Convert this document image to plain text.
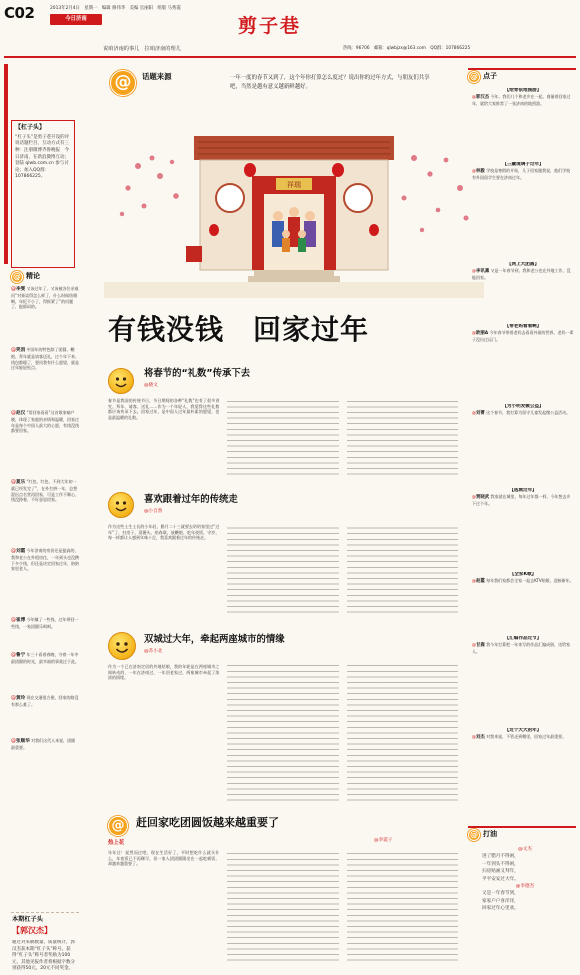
C02	2013年2月4日　星期一　编辑 修伟华　美编 官丽阳　组版 马秀霞
今日济南	剪子巷
热线：96706　邮箱：qlwbjzx@163.com　QQ群：107866225
说咱济南的事儿　拉咱济南的理儿
【杠子头】
“杠子头”是剪子巷开设的评说话题栏目，互动方式有三种：注册微博齐鲁晚报　今日济南，在新浪微博互动；登陆 qlwb.com.cn 参与讨论；加入QQ群：107866225。
@ 精论
@李雯 又该过年了，又该被各位亲戚问“对象谈得怎么样了，什么时候结婚啊，年纪不小了，得抓紧了”的问题了，挺郁闷的。
@笑涓 中国年的特色除了团圆、鞭炮、拜年就是请客送礼，过个年下来，钱包都瘪了，要问我有什么愿望，就是过年能轻松点。
@赵汉 “常回家看看”这首歌家喻户晓，体现了家庭的亲情和温暖，回家过年是每个中国人最大的心愿，有钱没钱都要回家。
@夏乐 “红包，红包，不到大年初一就已经发完了”，在外打拼一年，总想混出点名堂再回家，可是工作不顺心，钱没挣着，不好意思回家。
@刘霞 今年济南的房价还是挺高的，我和老公在外租房住，一年到头也没攒下多少钱，但还是决定回家过年，陪陪家里老人。
@崔博 今年赚了一些钱，过年带回一些钱，一家团圆乐呵呵。
@鲁宁 年三十看着春晚，守着一年中最团圆的时光，最幸福的事莫过于此。
@黄玲 现在交通很方便，回家的路没有那么难了。
@张顺华 对我们这代人来说，团圆最重要。
本期杠子头
【郭汉杰】
通过对来稿数量、质量统计，郭汉杰获本期“杠子头”称号。获得“杠子头”称号者奖励为100元，其他见报作者将根据字数分别获得50元、20元不同奖金。
@	话题来源	一年一度的春节又到了，这个年你打算怎么度过？说出你的过年方式，与朋友们共享吧，当然是越有意义越新鲜越好。
祥瑞
有钱没钱　回家过年
将春节的“礼数”传承下去
@晓文
春节是我国的传统节日，节日期间的各种“礼数”也有了很多讲究。拜年、请客、送礼……作为一个年轻人，我觉得这些礼数都应该传承下去。回家过年，是中国人过年最朴素的愿望，也是最温暖的礼数。
喜欢跟着过年的传统走
@小自然
作为这些土生土长的小年轻，腊月二十三就要去奶奶家里过“过年”了，扫房子、蒸馒头、贴春联、放鞭炮、吃年夜饭、守岁，每一样都让人感到年味十足，我喜欢跟着过年的传统走。
双城过大年，牵起两座城市的情缘
@苏小北
作为一个已在济南定居的外地姑娘，我的年轮是在两座城市之间转动的，一年在济南过，一年回老家过，两座城市牵起了浓浓的情缘。
@	赶回家吃团圆饭越来越重要了
热上花	@李震子
年年过！说然而过吧，现在生活好了，平时想吃什么就买什么，年夜饭已不再稀罕，但一家人团团圆圆坐在一起吃顿饭，却越来越重要了。
@ 点子
【给青依地图游】
@郭汉杰 今年，我们几个和老乡在一起，商量着回家过年，就给大家推荐了一张济南的地图游。
【三藏琉璃子过年】
@林毅 学校是寒假的开始，儿子回家跟我说，他们学校有外国留学生要在济南过年。
【网上大团圆】
@李讯凛 又是一年春节到，我和老公也在外地工作，没能回家。
【带老妈看看啊】
@欧丽A 今年春节带着老妈去看看外面的世界，老妈一辈子没出过远门。
【为小明发微公益】
@刘菁 这个春节，我打算为留守儿童发起微公益活动。
【逃城过年】
@贾晓武 我家就在城里，每年过年都一样，今年想去乡下过个年。
【全家K歌】
@赵霞 每年我们家都会全家一起去KTV唱歌，迎接新年。
【汇编作品过节】
@甘鹿 我今年打算把一年来写的作品汇编成册，送给家人。
【过个大大的年】
@刘杰 对我来说，不管走到哪里，回家过年最重要。
@ 打油
@文杰
进了腊月不得闲，
一年到头不得闲，
扫房贴画又拜年，
平平安安过大年。
@李德杰
又是一年春节到，
家家户户喜洋洋，
回家过年心里欢。
